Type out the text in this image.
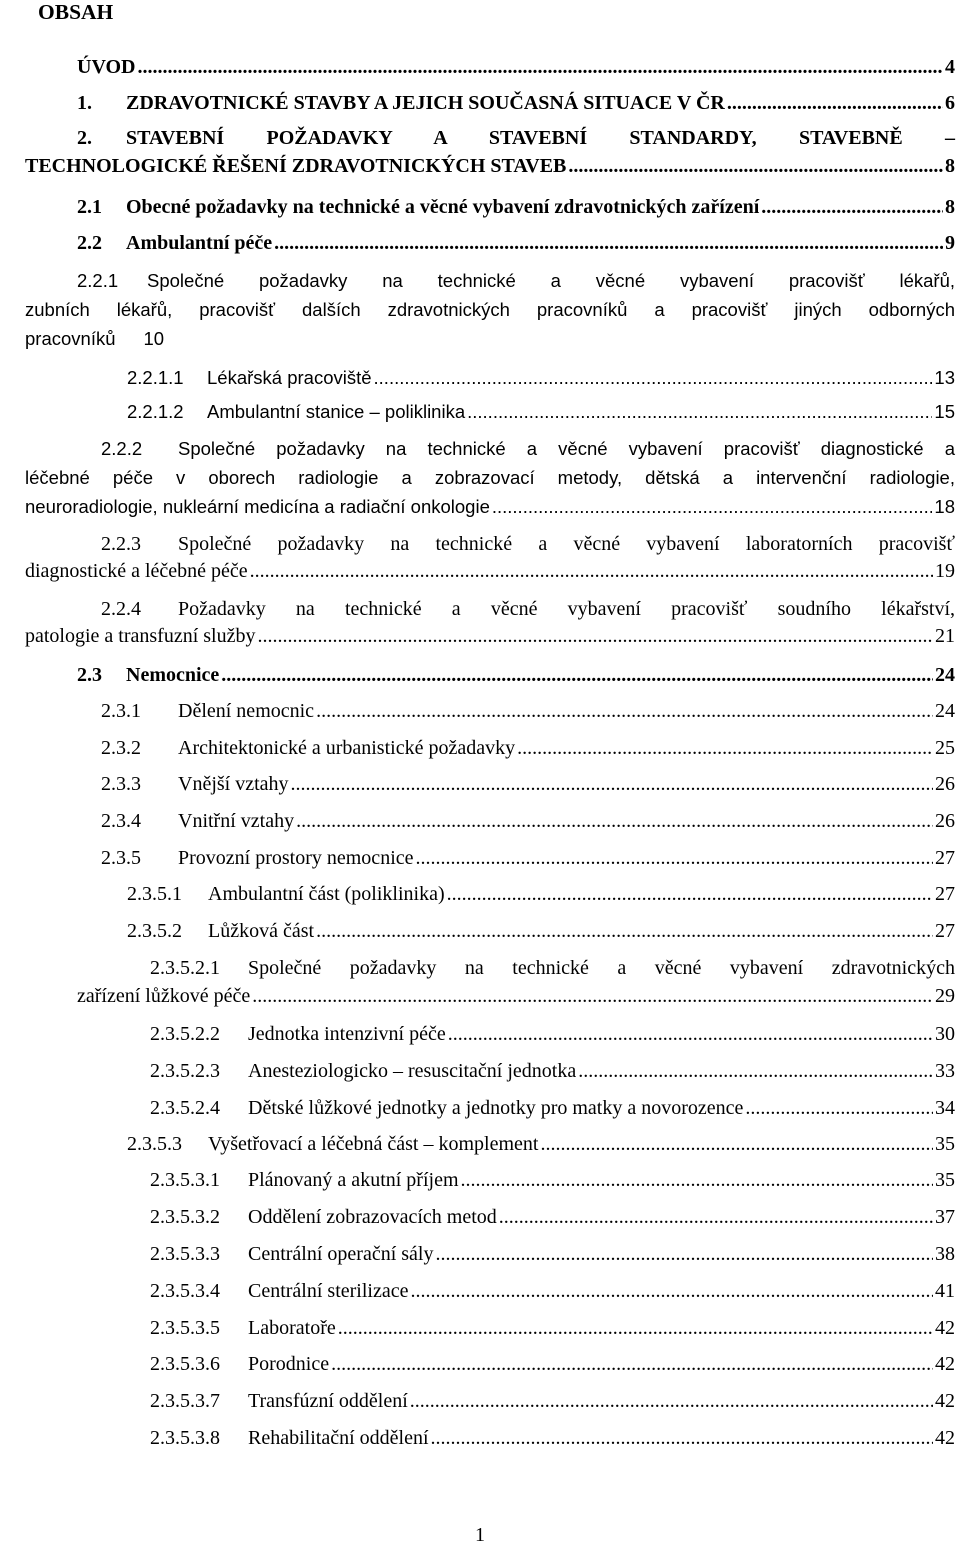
OBSAH
ÚVOD .....	4
1.	ZDRAVOTNICKÉ STAVBY A JEJICH SOUČASNÁ SITUACE V ČR .....	6
2.	STAVEBNÍ POŽADAVKY A STAVEBNÍ STANDARDY, STAVEBNĚ –
TECHNOLOGICKÉ ŘEŠENÍ ZDRAVOTNICKÝCH STAVEB .....	8
2.1	Obecné požadavky na technické a věcné vybavení zdravotnických zařízení .....	8
2.2	Ambulantní péče .....	9
2.2.1	Společné požadavky na technické a věcné vybavení pracovišť lékařů,
zubních lékařů, pracovišť dalších zdravotnických pracovníků a pracovišť jiných odborných
pracovníků 10
2.2.1.1	Lékařská pracoviště .....	13
2.2.1.2	Ambulantní stanice – poliklinika .....	15
2.2.2	Společné požadavky na technické a věcné vybavení pracovišť diagnostické a
léčebné péče v oborech radiologie a zobrazovací metody, dětská a intervenční radiologie,
neuroradiologie, nukleární medicína a radiační onkologie .....	18
2.2.3	Společné požadavky na technické a věcné vybavení laboratorních pracovišť
diagnostické a léčebné péče .....	19
2.2.4	Požadavky na technické a věcné vybavení pracovišť soudního lékařství,
patologie a transfuzní služby .....	21
2.3	Nemocnice .....	24
2.3.1	Dělení nemocnic .....	24
2.3.2	Architektonické a urbanistické požadavky .....	25
2.3.3	Vnější vztahy .....	26
2.3.4	Vnitřní vztahy .....	26
2.3.5	Provozní prostory nemocnice .....	27
2.3.5.1	Ambulantní část (poliklinika) .....	27
2.3.5.2	Lůžková část .....	27
2.3.5.2.1	Společné požadavky na technické a věcné vybavení zdravotnických
zařízení lůžkové péče .....	29
2.3.5.2.2	Jednotka intenzivní péče .....	30
2.3.5.2.3	Anesteziologicko – resuscitační jednotka .....	33
2.3.5.2.4	Dětské lůžkové jednotky a jednotky pro matky a novorozence .....	34
2.3.5.3	Vyšetřovací a léčebná část – komplement .....	35
2.3.5.3.1	Plánovaný a akutní příjem .....	35
2.3.5.3.2	Oddělení zobrazovacích metod .....	37
2.3.5.3.3	Centrální operační sály .....	38
2.3.5.3.4	Centrální sterilizace .....	41
2.3.5.3.5	Laboratoře .....	42
2.3.5.3.6	Porodnice .....	42
2.3.5.3.7	Transfúzní oddělení .....	42
2.3.5.3.8	Rehabilitační oddělení .....	42
1
